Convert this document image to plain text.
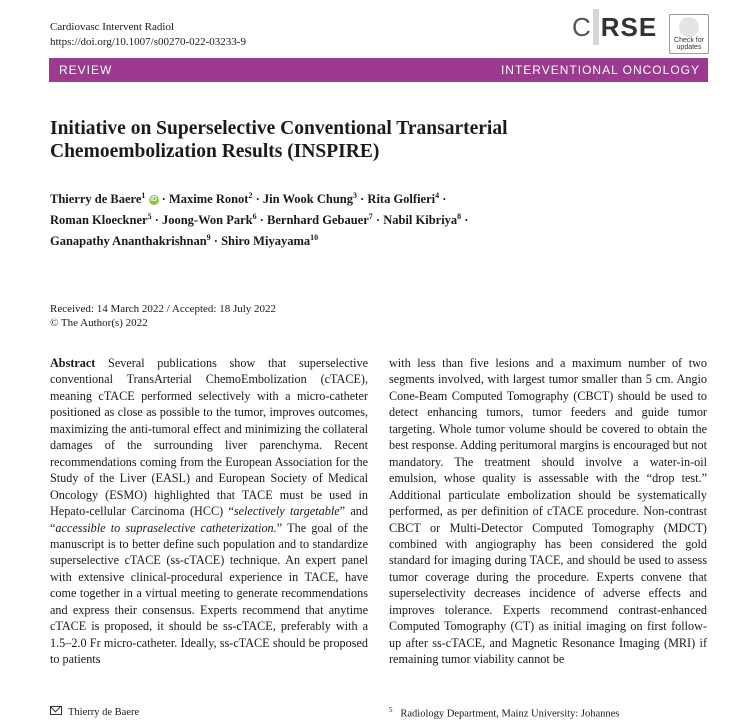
Cardiovasc Intervent Radiol
https://doi.org/10.1007/s00270-022-03233-9
C RSE	Check for
updates
REVIEW	INTERVENTIONAL ONCOLOGY
Initiative on Superselective Conventional Transarterial Chemoembolization Results (INSPIRE)
Thierry de Baere$^1$ iD · Maxime Ronot$^2$ · Jin Wook Chung$^3$ · Rita Golfieri$^4$ ·
Roman Kloeckner$^5$ · Joong-Won Park$^6$ · Bernhard Gebauer$^7$ · Nabil Kibriya$^8$ ·
Ganapathy Ananthakrishnan$^9$ · Shiro Miyayama$^{10}$
Received: 14 March 2022 / Accepted: 18 July 2022
© The Author(s) 2022

Abstract Several publications show that superselective conventional TransArterial ChemoEmbolization (cTACE), meaning cTACE performed selectively with a micro-catheter positioned as close as possible to the tumor, improves outcomes, maximizing the anti-tumoral effect and minimizing the collateral damages of the surrounding liver parenchyma. Recent recommendations coming from the European Association for the Study of the Liver (EASL) and European Society of Medical Oncology (ESMO) highlighted that TACE must be used in Hepato-cellular Carcinoma (HCC) “selectively targetable” and “accessible to supraselective catheterization.” The goal of the manuscript is to better define such population and to standardize superselective cTACE (ss-cTACE) technique. An expert panel with extensive clinical-procedural experience in TACE, have come together in a virtual meeting to generate recommendations and express their consensus. Experts recommend that anytime cTACE is proposed, it should be ss-cTACE, preferably with a 1.5–2.0 Fr micro-catheter. Ideally, ss-cTACE should be proposed to patients

with less than five lesions and a maximum number of two segments involved, with largest tumor smaller than 5 cm. Angio Cone-Beam Computed Tomography (CBCT) should be used to detect enhancing tumors, tumor feeders and guide tumor targeting. Whole tumor volume should be covered to obtain the best response. Adding peritumoral margins is encouraged but not mandatory. The treatment should involve a water-in-oil emulsion, whose quality is assessable with the “drop test.” Additional particulate embolization should be systematically performed, as per definition of cTACE procedure. Non-contrast CBCT or Multi-Detector Computed Tomography (MDCT) combined with angiography has been considered the gold standard for imaging during TACE, and should be used to assess tumor coverage during the procedure. Experts convene that superselectivity decreases incidence of adverse effects and improves tolerance. Experts recommend contrast-enhanced Computed Tomography (CT) as initial imaging on first follow-up after ss-cTACE, and Magnetic Resonance Imaging (MRI) if remaining tumor viability cannot be

Thierry de Baere	$^5$ Radiology Department, Mainz University: Johannes
